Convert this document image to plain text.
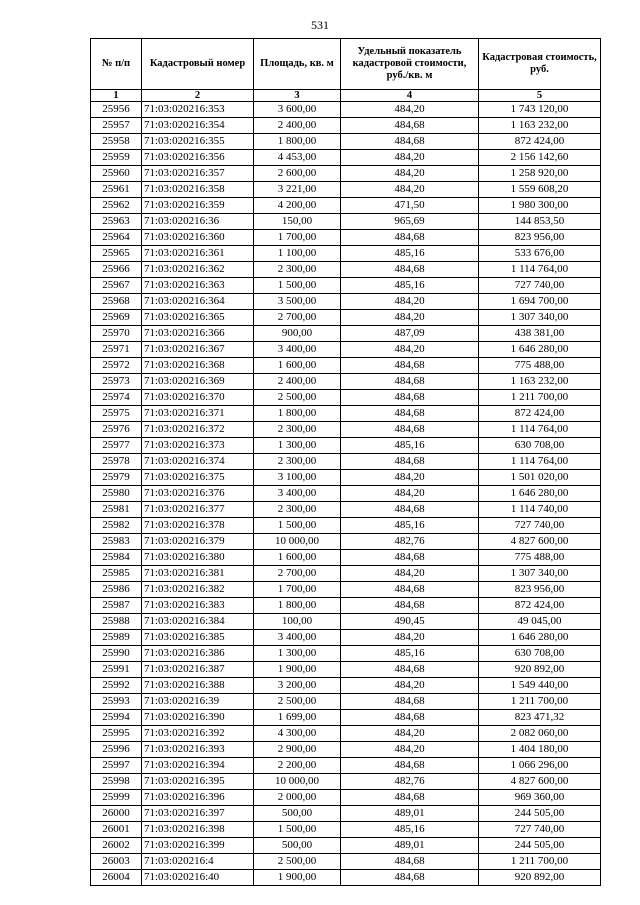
531
№ п/п	Кадастровый номер	Площадь, кв. м	Удельный показатель кадастровой стоимости, руб./кв. м	Кадастровая стоимость, руб.
1	2	3	4	5
25956	71:03:020216:353	3 600,00	484,20	1 743 120,00
25957	71:03:020216:354	2 400,00	484,68	1 163 232,00
25958	71:03:020216:355	1 800,00	484,68	872 424,00
25959	71:03:020216:356	4 453,00	484,20	2 156 142,60
25960	71:03:020216:357	2 600,00	484,20	1 258 920,00
25961	71:03:020216:358	3 221,00	484,20	1 559 608,20
25962	71:03:020216:359	4 200,00	471,50	1 980 300,00
25963	71:03:020216:36	150,00	965,69	144 853,50
25964	71:03:020216:360	1 700,00	484,68	823 956,00
25965	71:03:020216:361	1 100,00	485,16	533 676,00
25966	71:03:020216:362	2 300,00	484,68	1 114 764,00
25967	71:03:020216:363	1 500,00	485,16	727 740,00
25968	71:03:020216:364	3 500,00	484,20	1 694 700,00
25969	71:03:020216:365	2 700,00	484,20	1 307 340,00
25970	71:03:020216:366	900,00	487,09	438 381,00
25971	71:03:020216:367	3 400,00	484,20	1 646 280,00
25972	71:03:020216:368	1 600,00	484,68	775 488,00
25973	71:03:020216:369	2 400,00	484,68	1 163 232,00
25974	71:03:020216:370	2 500,00	484,68	1 211 700,00
25975	71:03:020216:371	1 800,00	484,68	872 424,00
25976	71:03:020216:372	2 300,00	484,68	1 114 764,00
25977	71:03:020216:373	1 300,00	485,16	630 708,00
25978	71:03:020216:374	2 300,00	484,68	1 114 764,00
25979	71:03:020216:375	3 100,00	484,20	1 501 020,00
25980	71:03:020216:376	3 400,00	484,20	1 646 280,00
25981	71:03:020216:377	2 300,00	484,68	1 114 740,00
25982	71:03:020216:378	1 500,00	485,16	727 740,00
25983	71:03:020216:379	10 000,00	482,76	4 827 600,00
25984	71:03:020216:380	1 600,00	484,68	775 488,00
25985	71:03:020216:381	2 700,00	484,20	1 307 340,00
25986	71:03:020216:382	1 700,00	484,68	823 956,00
25987	71:03:020216:383	1 800,00	484,68	872 424,00
25988	71:03:020216:384	100,00	490,45	49 045,00
25989	71:03:020216:385	3 400,00	484,20	1 646 280,00
25990	71:03:020216:386	1 300,00	485,16	630 708,00
25991	71:03:020216:387	1 900,00	484,68	920 892,00
25992	71:03:020216:388	3 200,00	484,20	1 549 440,00
25993	71:03:020216:39	2 500,00	484,68	1 211 700,00
25994	71:03:020216:390	1 699,00	484,68	823 471,32
25995	71:03:020216:392	4 300,00	484,20	2 082 060,00
25996	71:03:020216:393	2 900,00	484,20	1 404 180,00
25997	71:03:020216:394	2 200,00	484,68	1 066 296,00
25998	71:03:020216:395	10 000,00	482,76	4 827 600,00
25999	71:03:020216:396	2 000,00	484,68	969 360,00
26000	71:03:020216:397	500,00	489,01	244 505,00
26001	71:03:020216:398	1 500,00	485,16	727 740,00
26002	71:03:020216:399	500,00	489,01	244 505,00
26003	71:03:020216:4	2 500,00	484,68	1 211 700,00
26004	71:03:020216:40	1 900,00	484,68	920 892,00
